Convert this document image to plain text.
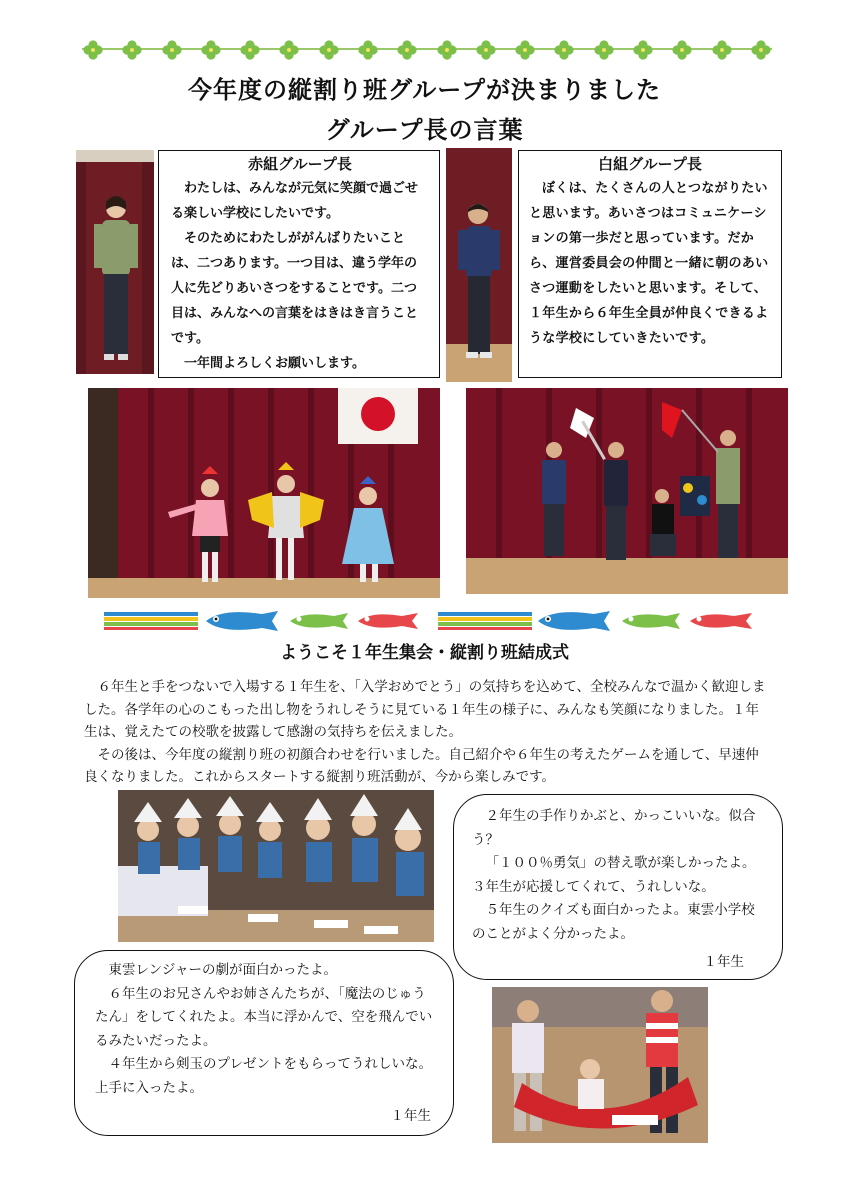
今年度の縦割り班グループが決まりました
グループ長の言葉
赤組グループ長

わたしは、みんなが元気に笑顔で過ごせる楽しい学校にしたいです。

そのためにわたしががんばりたいことは、二つあります。一つ目は、違う学年の人に先どりあいさつをすることです。二つ目は、みんなへの言葉をはきはき言うことです。

一年間よろしくお願いします。

白組グループ長

ぼくは、たくさんの人とつながりたいと思います。あいさつはコミュニケーションの第一歩だと思っています。だから、運営委員会の仲間と一緒に朝のあいさつ運動をしたいと思います。そして、１年生から６年生全員が仲良くできるような学校にしていきたいです。

ようこそ１年生集会・縦割り班結成式

６年生と手をつないで入場する１年生を、「入学おめでとう」の気持ちを込めて、全校みんなで温かく歓迎しました。各学年の心のこもった出し物をうれしそうに見ている１年生の様子に、みんなも笑顔になりました。１年生は、覚えたての校歌を披露して感謝の気持ちを伝えました。

その後は、今年度の縦割り班の初顔合わせを行いました。自己紹介や６年生の考えたゲームを通して、早速仲良くなりました。これからスタートする縦割り班活動が、今から楽しみです。

２年生の手作りかぶと、かっこいいな。似合う？

「１００％勇気」の替え歌が楽しかったよ。３年生が応援してくれて、うれしいな。

５年生のクイズも面白かったよ。東雲小学校のことがよく分かったよ。

１年生

東雲レンジャーの劇が面白かったよ。

６年生のお兄さんやお姉さんたちが、「魔法のじゅうたん」をしてくれたよ。本当に浮かんで、空を飛んでいるみたいだったよ。

４年生から剣玉のプレゼントをもらってうれしいな。上手に入ったよ。

１年生
